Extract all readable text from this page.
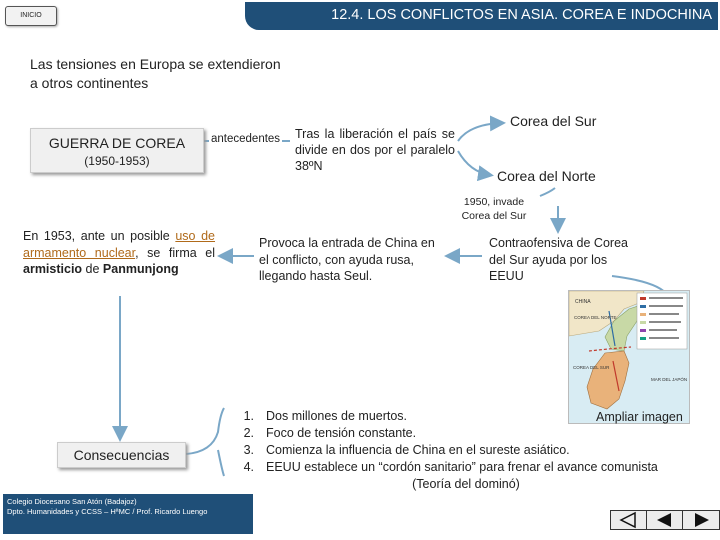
12.4. LOS CONFLICTOS EN ASIA. COREA E INDOCHINA
INICIO
Las tensiones en Europa se extendieron a otros continentes
GUERRA DE COREA
(1950-1953)
antecedentes Tras la liberación el país se divide en dos por el paralelo 38ºN
Corea del Sur
Corea del Norte
1950, invade Corea del Sur
En 1953, ante un posible uso de armamento nuclear, se firma el armisticio de Panmunjong
Provoca la entrada de China en el conflicto, con ayuda rusa, llegando hasta Seul.
Contraofensiva de Corea del Sur ayuda por los EEUU
CHINA
COREA DEL NORTE
COREA DEL SUR
MAR DEL JAPÓN
Ampliar imagen
Consecuencias
1. Dos millones de muertos.
2. Foco de tensión constante.
3. Comienza la influencia de China en el sureste asiático.
4. EEUU establece un “cordón sanitario” para frenar el avance comunista
(Teoría del dominó)
Colegio Diocesano San Atón (Badajoz)
Dpto. Humanidades y CCSS – HªMC / Prof. Ricardo Luengo
